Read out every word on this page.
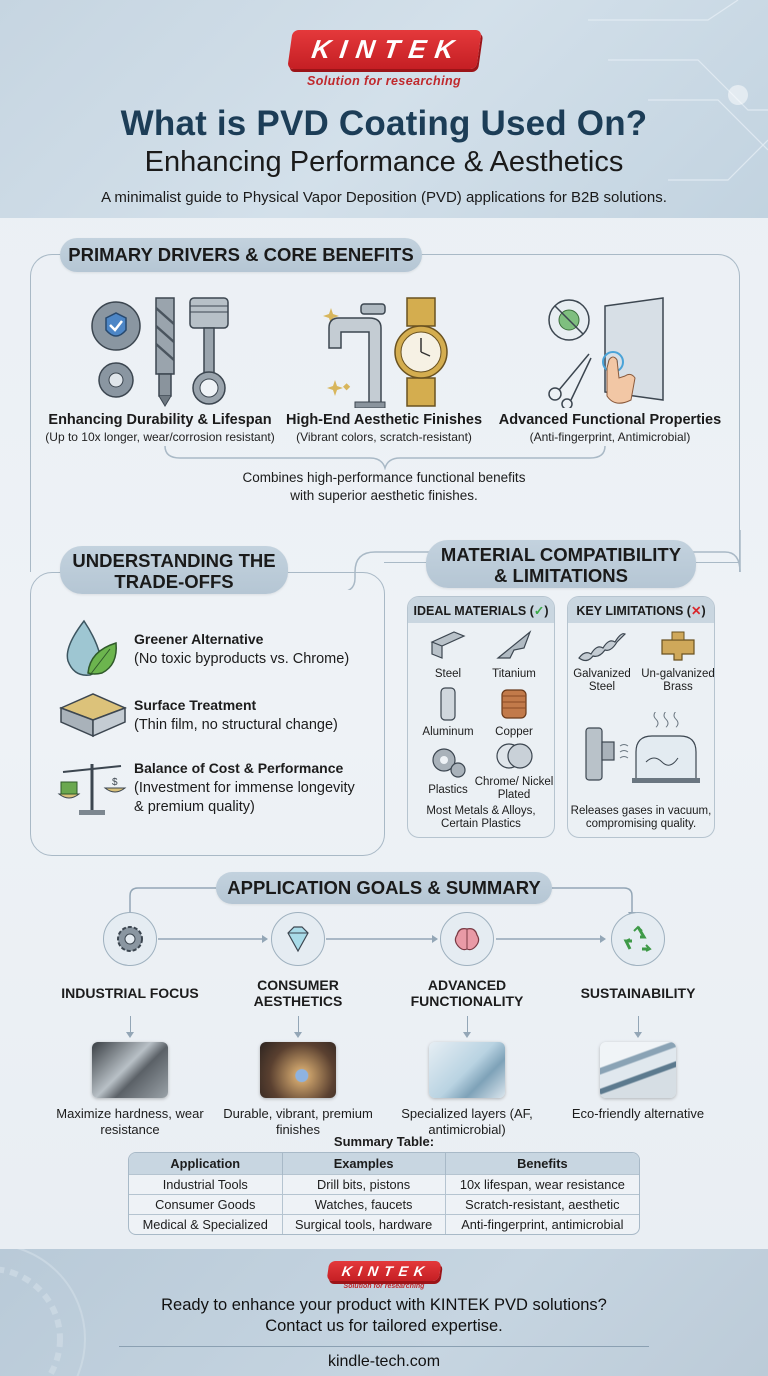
KINTEK
Solution for researching
What is PVD Coating Used On?
Enhancing Performance & Aesthetics
A minimalist guide to Physical Vapor Deposition (PVD) applications for B2B solutions.
PRIMARY DRIVERS & CORE BENEFITS
Enhancing Durability & Lifespan
(Up to 10x longer, wear/corrosion resistant)
High-End Aesthetic Finishes
(Vibrant colors, scratch-resistant)
Advanced Functional Properties
(Anti-fingerprint, Antimicrobial)
Combines high-performance functional benefits
with superior aesthetic finishes.
UNDERSTANDING THE
TRADE-OFFS
Greener Alternative
(No toxic byproducts vs. Chrome)
Surface Treatment
(Thin film, no structural change)
$
Balance of Cost & Performance
(Investment for immense longevity
& premium quality)
MATERIAL COMPATIBILITY
& LIMITATIONS
IDEAL MATERIALS (✓)
Steel	Titanium
Aluminum	Copper
Plastics
Chrome/ Nickel Plated
Most Metals & Alloys,
Certain Plastics
KEY LIMITATIONS (✕)
Galvanized Steel
Un-galvanized Brass
Releases gases in vacuum,
compromising quality.
APPLICATION GOALS & SUMMARY
INDUSTRIAL FOCUS
Maximize hardness, wear resistance
CONSUMER AESTHETICS
Durable, vibrant, premium finishes
ADVANCED FUNCTIONALITY
Specialized layers (AF, antimicrobial)
SUSTAINABILITY
Eco-friendly alternative
Summary Table:
Application	Examples	Benefits
Industrial Tools	Drill bits, pistons	10x lifespan, wear resistance
Consumer Goods	Watches, faucets	Scratch-resistant, aesthetic
Medical & Specialized	Surgical tools, hardware	Anti-fingerprint, antimicrobial
KINTEK
Solution for researching
Ready to enhance your product with KINTEK PVD solutions?
Contact us for tailored expertise.
kindle-tech.com
